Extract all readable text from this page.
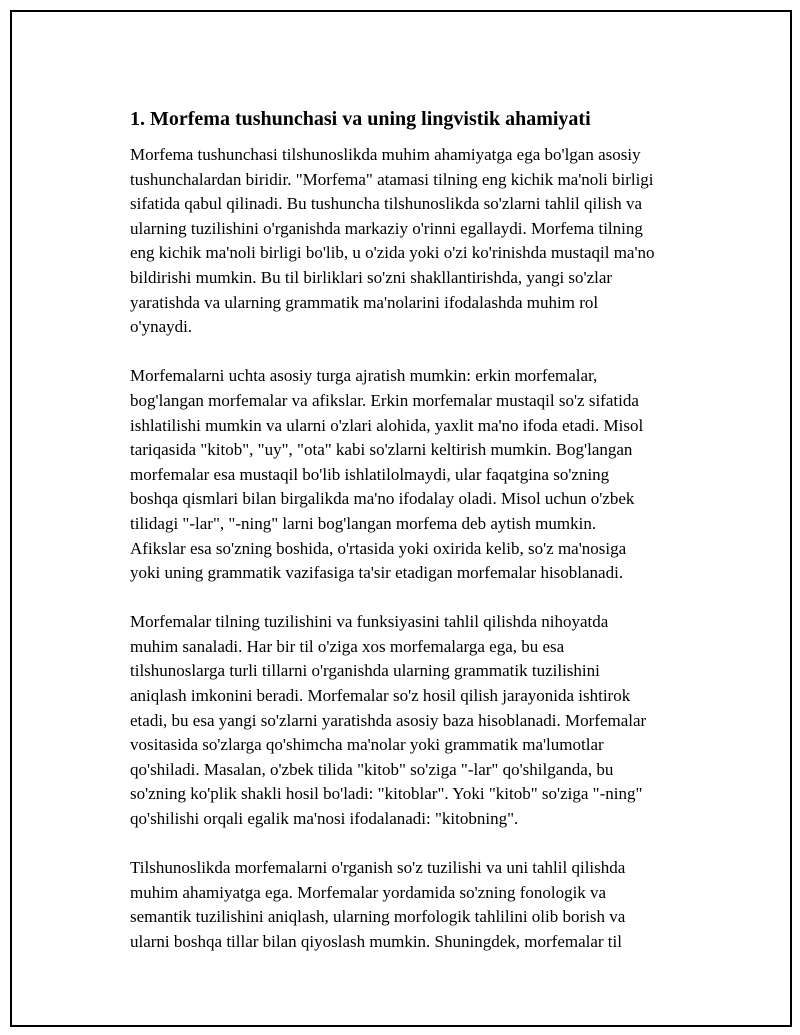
1. Morfema tushunchasi va uning lingvistik ahamiyati

Morfema tushunchasi tilshunoslikda muhim ahamiyatga ega bo'lgan asosiy
tushunchalardan biridir. "Morfema" atamasi tilning eng kichik ma'noli birligi
sifatida qabul qilinadi. Bu tushuncha tilshunoslikda so'zlarni tahlil qilish va
ularning tuzilishini o'rganishda markaziy o'rinni egallaydi. Morfema tilning
eng kichik ma'noli birligi bo'lib, u o'zida yoki o'zi ko'rinishda mustaqil ma'no
bildirishi mumkin. Bu til birliklari so'zni shakllantirishda, yangi so'zlar
yaratishda va ularning grammatik ma'nolarini ifodalashda muhim rol
o'ynaydi.

Morfemalarni uchta asosiy turga ajratish mumkin: erkin morfemalar,
bog'langan morfemalar va afikslar. Erkin morfemalar mustaqil so'z sifatida
ishlatilishi mumkin va ularni o'zlari alohida, yaxlit ma'no ifoda etadi. Misol
tariqasida "kitob", "uy", "ota" kabi so'zlarni keltirish mumkin. Bog'langan
morfemalar esa mustaqil bo'lib ishlatilolmaydi, ular faqatgina so'zning
boshqa qismlari bilan birgalikda ma'no ifodalay oladi. Misol uchun o'zbek
tilidagi "-lar", "-ning" larni bog'langan morfema deb aytish mumkin.
Afikslar esa so'zning boshida, o'rtasida yoki oxirida kelib, so'z ma'nosiga
yoki uning grammatik vazifasiga ta'sir etadigan morfemalar hisoblanadi.

Morfemalar tilning tuzilishini va funksiyasini tahlil qilishda nihoyatda
muhim sanaladi. Har bir til o'ziga xos morfemalarga ega, bu esa
tilshunoslarga turli tillarni o'rganishda ularning grammatik tuzilishini
aniqlash imkonini beradi. Morfemalar so'z hosil qilish jarayonida ishtirok
etadi, bu esa yangi so'zlarni yaratishda asosiy baza hisoblanadi. Morfemalar
vositasida so'zlarga qo'shimcha ma'nolar yoki grammatik ma'lumotlar
qo'shiladi. Masalan, o'zbek tilida "kitob" so'ziga "-lar" qo'shilganda, bu
so'zning ko'plik shakli hosil bo'ladi: "kitoblar". Yoki "kitob" so'ziga "-ning"
qo'shilishi orqali egalik ma'nosi ifodalanadi: "kitobning".

Tilshunoslikda morfemalarni o'rganish so'z tuzilishi va uni tahlil qilishda
muhim ahamiyatga ega. Morfemalar yordamida so'zning fonologik va
semantik tuzilishini aniqlash, ularning morfologik tahlilini olib borish va
ularni boshqa tillar bilan qiyoslash mumkin. Shuningdek, morfemalar til
